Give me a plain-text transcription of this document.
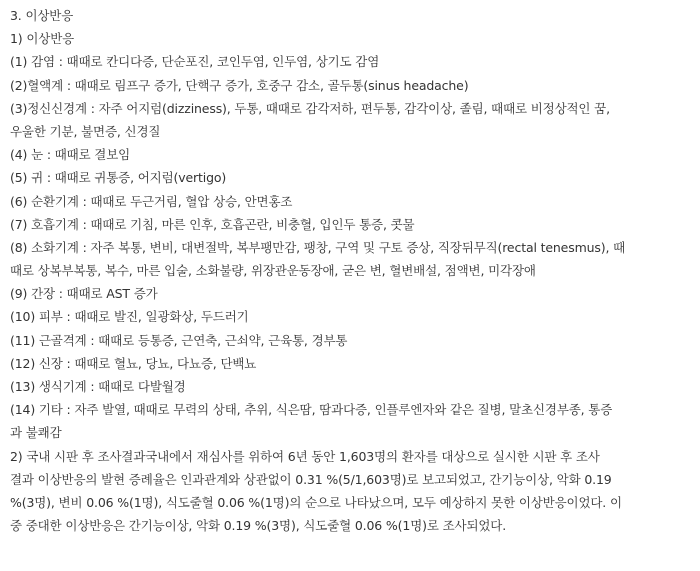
3. 이상반응
1) 이상반응
(1) 감염 : 때때로 칸디다증, 단순포진, 코인두염, 인두염, 상기도 감염
(2)혈액계 : 때때로 림프구 증가, 단핵구 증가, 호중구 감소, 골두통(sinus headache)
(3)정신신경계 : 자주 어지럼(dizziness), 두통, 때때로 감각저하, 편두통, 감각이상, 졸림, 때때로 비정상적인 꿈,
우울한 기분, 불면증, 신경질
(4) 눈 : 때때로 결보임
(5) 귀 : 때때로 귀통증, 어지럼(vertigo)
(6) 순환기계 : 때때로 두근거림, 혈압 상승, 안면홍조
(7) 호흡기계 : 때때로 기침, 마른 인후, 호흡곤란, 비충혈, 입인두 통증, 콧물
(8) 소화기계 : 자주 복통, 변비, 대변절박, 복부팽만감, 팽창, 구역 및 구토 증상, 직장뒤무직(rectal tenesmus), 때
때로 상복부복통, 복수, 마른 입술, 소화불량, 위장관운동장애, 굳은 변, 혈변배설, 점액변, 미각장애
(9) 간장 : 때때로 AST 증가
(10) 피부 : 때때로 발진, 일광화상, 두드러기
(11) 근골격계 : 때때로 등통증, 근연축, 근쇠약, 근육통, 경부통
(12) 신장 : 때때로 혈뇨, 당뇨, 다뇨증, 단백뇨
(13) 생식기계 : 때때로 다발월경
(14) 기타 : 자주 발열, 때때로 무력의 상태, 추위, 식은땀, 땀과다증, 인플루엔자와 같은 질병, 말초신경부종, 통증
과 불쾌감
2) 국내 시판 후 조사결과국내에서 재심사를 위하여 6년 동안 1,603명의 환자를 대상으로 실시한 시판 후 조사
결과 이상반응의 발현 증례율은 인과관계와 상관없이 0.31 %(5/1,603명)로 보고되었고, 간기능이상, 악화 0.19
%(3명), 변비 0.06 %(1명), 식도줄혈 0.06 %(1명)의 순으로 나타났으며, 모두 예상하지 못한 이상반응이었다. 이
중 중대한 이상반응은 간기능이상, 악화 0.19 %(3명), 식도줄혈 0.06 %(1명)로 조사되었다.
